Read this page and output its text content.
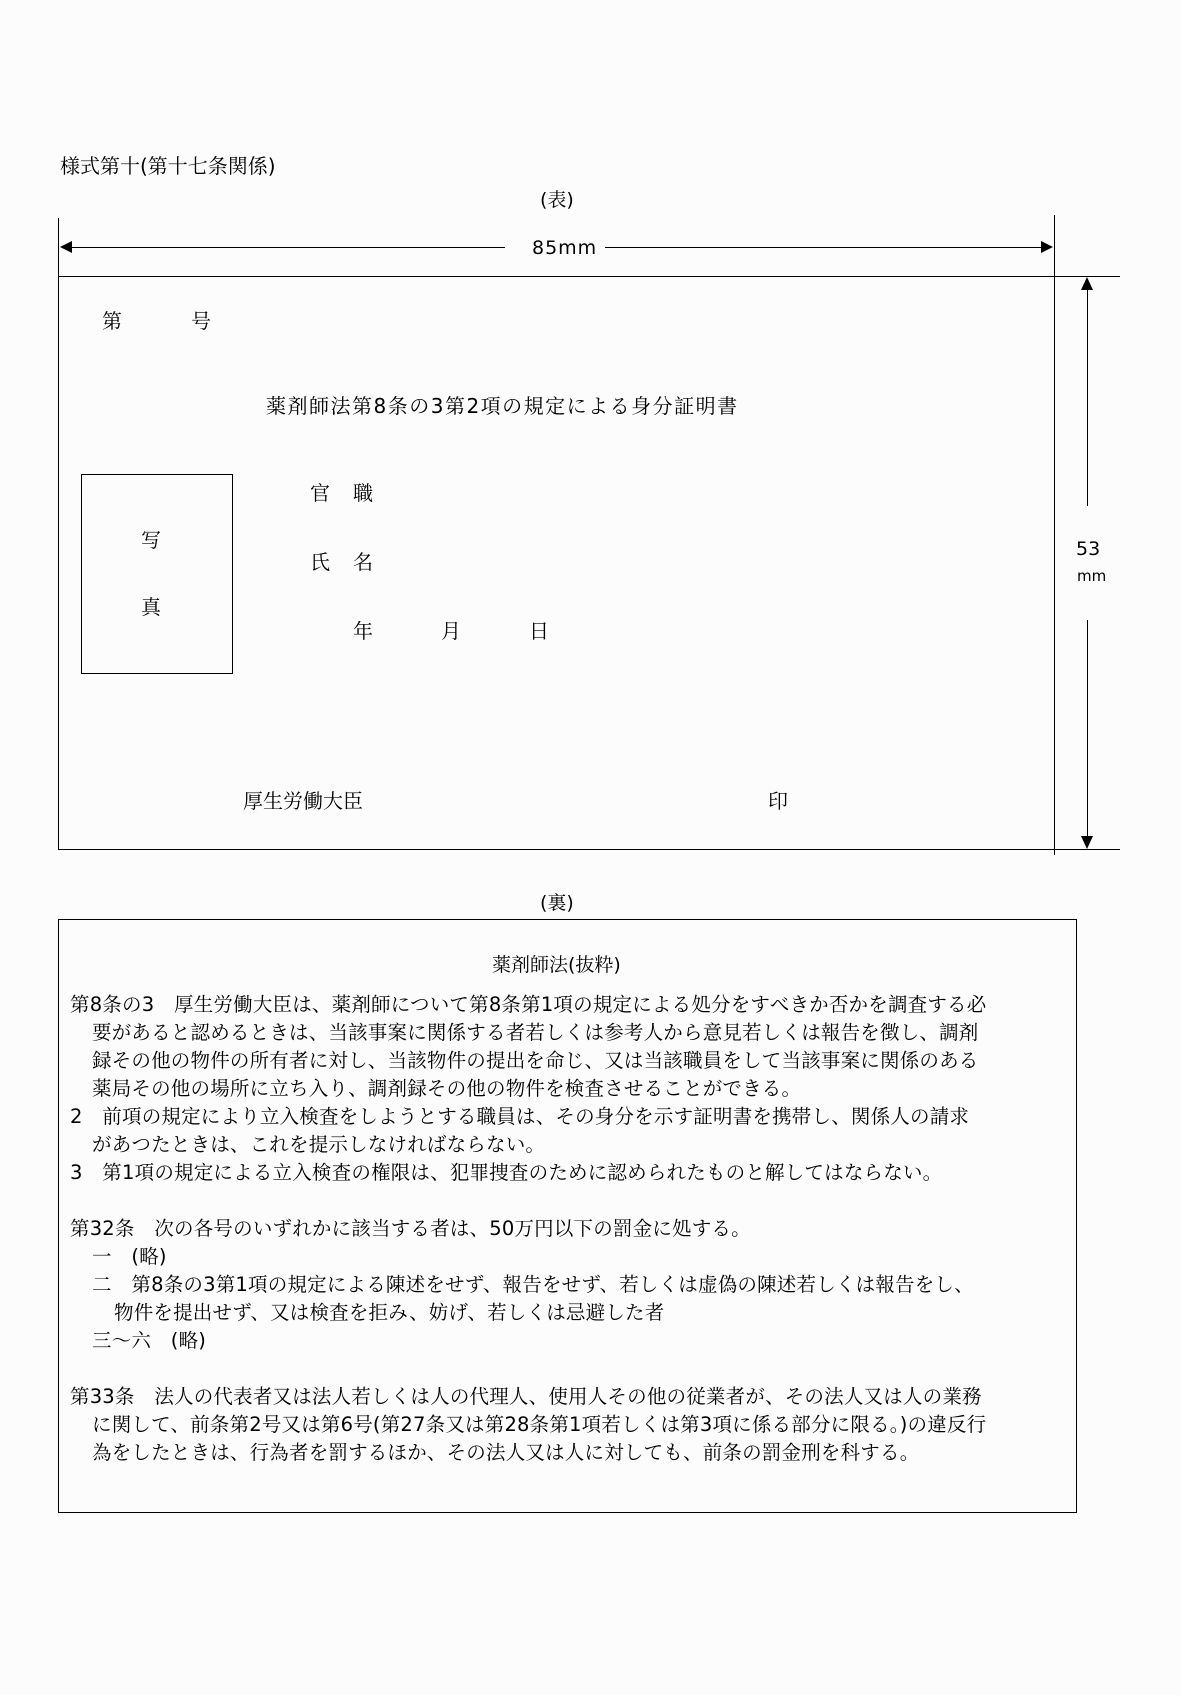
様式第十(第十七条関係)
(表)
85mm
53
mm
第	号
薬剤師法第8条の3第2項の規定による身分証明書
写
真
官 職
氏 名
年	月	日
厚生労働大臣	印
(裏)
薬剤師法(抜粋)

第8条の3　厚生労働大臣は、薬剤師について第8条第1項の規定による処分をすべきか否かを調査する必

要があると認めるときは、当該事案に関係する者若しくは参考人から意見若しくは報告を徴し、調剤

録その他の物件の所有者に対し、当該物件の提出を命じ、又は当該職員をして当該事案に関係のある

薬局その他の場所に立ち入り、調剤録その他の物件を検査させることができる。

2　前項の規定により立入検査をしようとする職員は、その身分を示す証明書を携帯し、関係人の請求

があつたときは、これを提示しなければならない。

3　第1項の規定による立入検査の権限は、犯罪捜査のために認められたものと解してはならない。

第32条　次の各号のいずれかに該当する者は、50万円以下の罰金に処する。

一　(略)

二　第8条の3第1項の規定による陳述をせず、報告をせず、若しくは虚偽の陳述若しくは報告をし、

物件を提出せず、又は検査を拒み、妨げ、若しくは忌避した者

三～六　(略)

第33条　法人の代表者又は法人若しくは人の代理人、使用人その他の従業者が、その法人又は人の業務

に関して、前条第2号又は第6号(第27条又は第28条第1項若しくは第3項に係る部分に限る。)の違反行

為をしたときは、行為者を罰するほか、その法人又は人に対しても、前条の罰金刑を科する。
